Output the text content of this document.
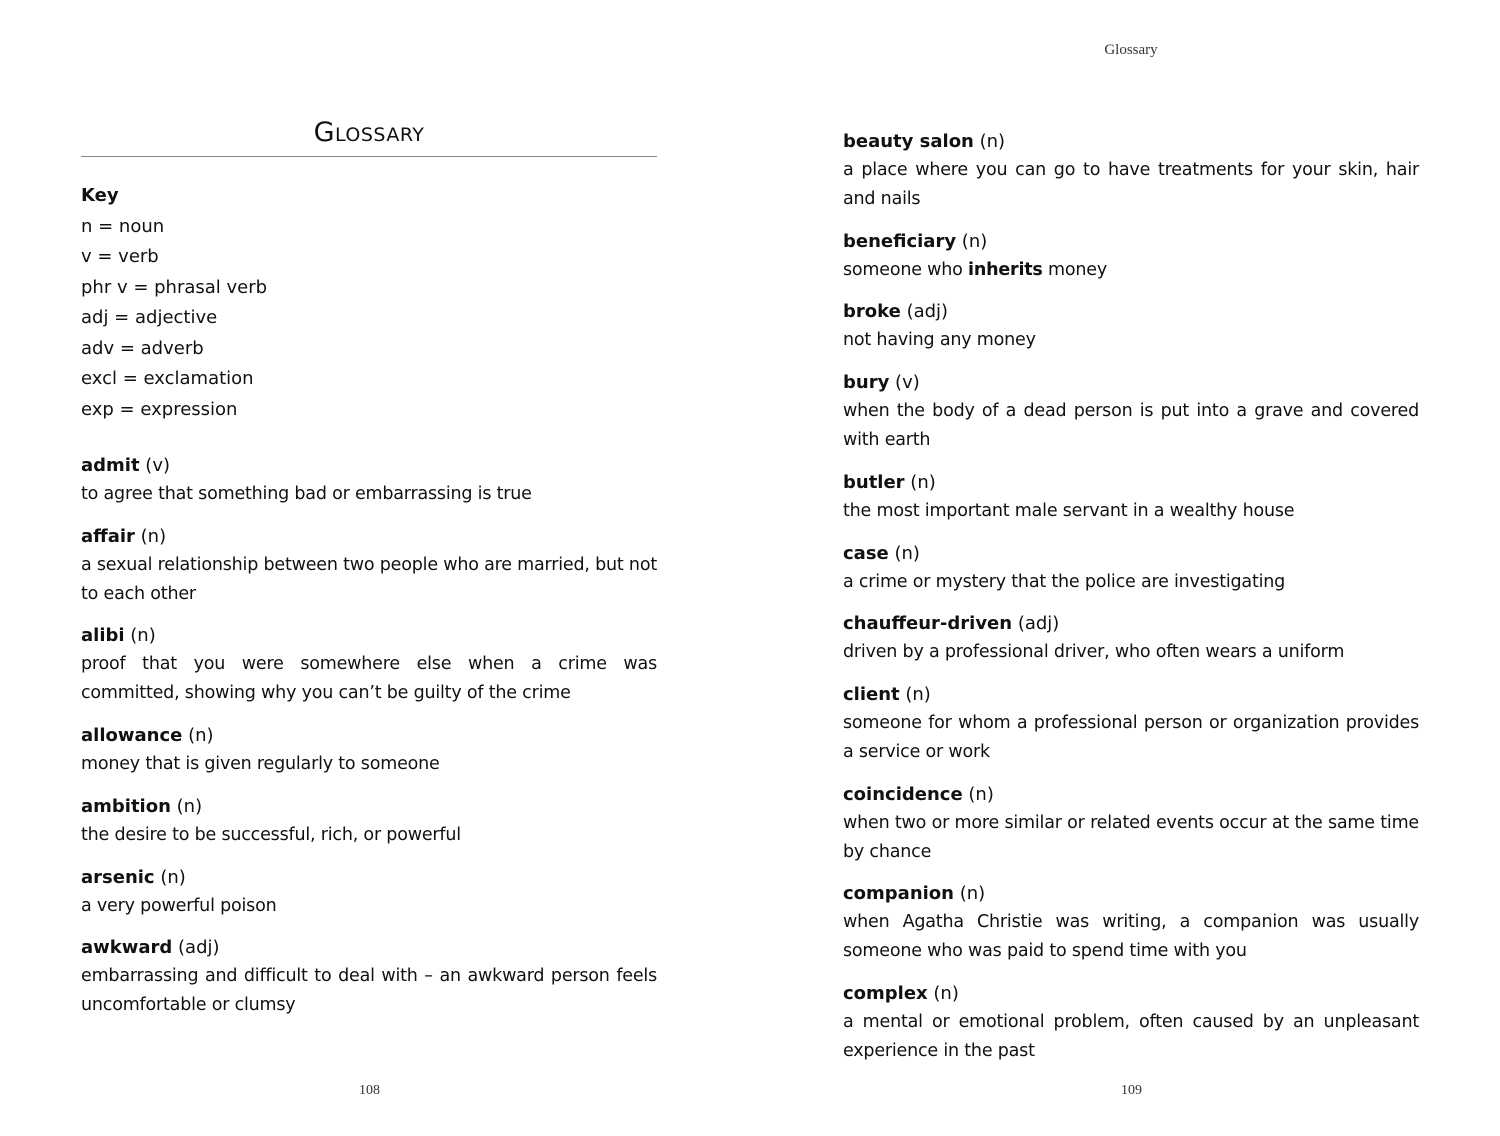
Glossary
Glossary
Key
n = noun
v = verb
phr v = phrasal verb
adj = adjective
adv = adverb
excl = exclamation
exp = expression
admit (v)
to agree that something bad or embarrassing is true
affair (n)
a sexual relationship between two people who are married, but not to each other
alibi (n)
proof that you were somewhere else when a crime was committed, showing why you can’t be guilty of the crime
allowance (n)
money that is given regularly to someone
ambition (n)
the desire to be successful, rich, or powerful
arsenic (n)
a very powerful poison
awkward (adj)
embarrassing and difficult to deal with – an awkward person feels uncomfortable or clumsy
beauty salon (n)
a place where you can go to have treatments for your skin, hair and nails
beneficiary (n)
someone who inherits money
broke (adj)
not having any money
bury (v)
when the body of a dead person is put into a grave and covered with earth
butler (n)
the most important male servant in a wealthy house
case (n)
a crime or mystery that the police are investigating
chauffeur-driven (adj)
driven by a professional driver, who often wears a uniform
client (n)
someone for whom a professional person or organization provides a service or work
coincidence (n)
when two or more similar or related events occur at the same time by chance
companion (n)
when Agatha Christie was writing, a companion was usually someone who was paid to spend time with you
complex (n)
a mental or emotional problem, often caused by an unpleasant experience in the past
108	109
